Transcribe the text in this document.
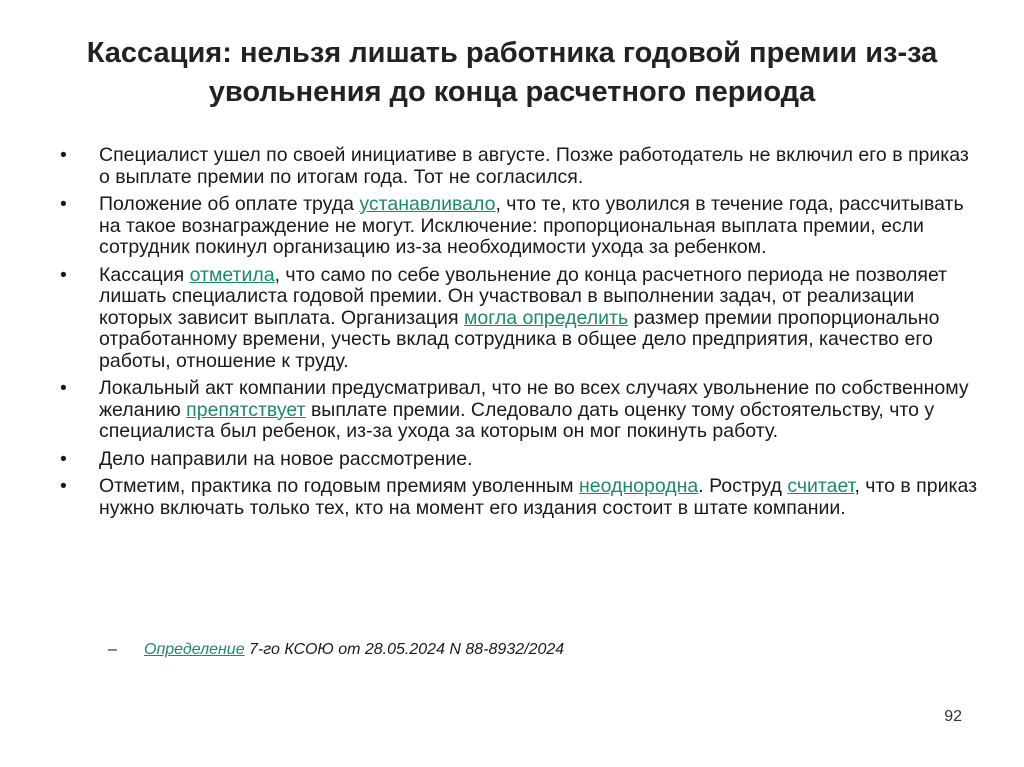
Кассация: нельзя лишать работника годовой премии из-за увольнения до конца расчетного периода
•	Специалист ушел по своей инициативе в августе. Позже работодатель не включил его в приказ о выплате премии по итогам года. Тот не согласился.
•	Положение об оплате труда устанавливало, что те, кто уволился в течение года, рассчитывать на такое вознаграждение не могут. Исключение: пропорциональная выплата премии, если сотрудник покинул организацию из-за необходимости ухода за ребенком.
•	Кассация отметила, что само по себе увольнение до конца расчетного периода не позволяет лишать специалиста годовой премии. Он участвовал в выполнении задач, от реализации которых зависит выплата. Организация могла определить размер премии пропорционально отработанному времени, учесть вклад сотрудника в общее дело предприятия, качество его работы, отношение к труду.
•	Локальный акт компании предусматривал, что не во всех случаях увольнение по собственному желанию препятствует выплате премии. Следовало дать оценку тому обстоятельству, что у специалиста был ребенок, из-за ухода за которым он мог покинуть работу.
•	Дело направили на новое рассмотрение.
•	Отметим, практика по годовым премиям уволенным неоднородна. Роструд считает, что в приказ нужно включать только тех, кто на момент его издания состоит в штате компании.
– Определение 7-го КСОЮ от 28.05.2024 N 88-8932/2024
92
